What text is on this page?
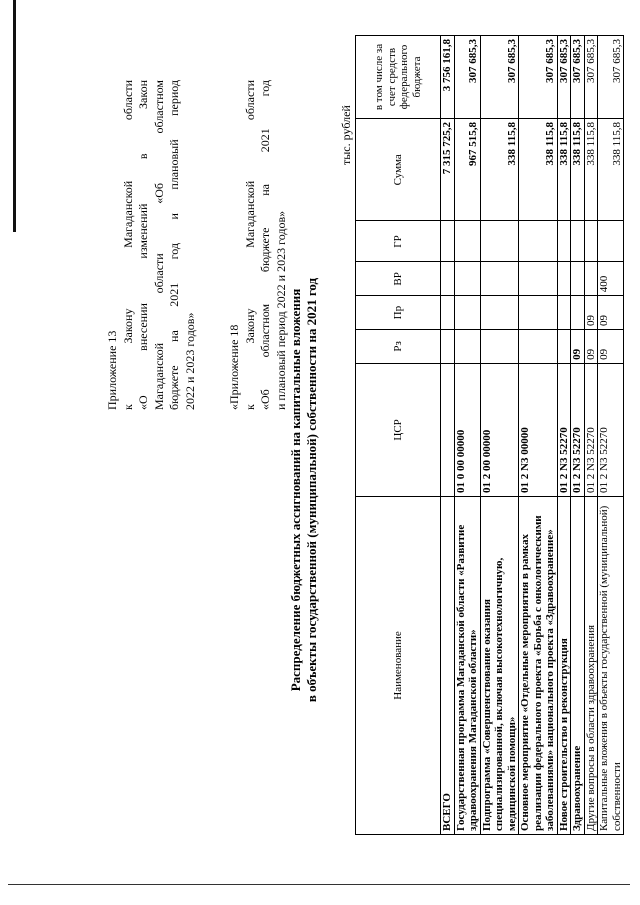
Приложение 13 к Закону Магаданской области «О внесении изменений в Закон Магаданской области «Об областном бюджете на 2021 год и плановый период 2022 и 2023 годов»	«Приложение 18 к Закону Магаданской области «Об областном бюджете на 2021 год и плановый период 2022 и 2023 годов» Распределение бюджетных ассигнований на капитальные вложения в объекты государственной (муниципальной) собственности на 2021 год
тыс. рублей
Наименование	ЦСР	Рз	Пр	ВР	ГР	Сумма	в том числе за счет средств федерального бюджета
ВСЕГО						7 315 725,2	3 756 161,8
Государственная программа Магаданской области «Развитие здравоохранения Магаданской области»	01 0 00 00000					967 515,8	307 685,3
Подпрограмма «Совершенствование оказания специализированной, включая высокотехнологичную, медицинской помощи»	01 2 00 00000					338 115,8	307 685,3
Основное мероприятие «Отдельные мероприятия в рамках реализации федерального проекта «Борьба с онкологическими заболеваниями» национального проекта «Здравоохранение»	01 2 N3 00000					338 115,8	307 685,3
Новое строительство и реконструкция	01 2 N3 52270					338 115,8	307 685,3
Здравоохранение	01 2 N3 52270	09				338 115,8	307 685,3
Другие вопросы в области здравоохранения	01 2 N3 52270	09	09			338 115,8	307 685,3
Капитальные вложения в объекты государственной (муниципальной) собственности	01 2 N3 52270	09	09	400		338 115,8	307 685,3
